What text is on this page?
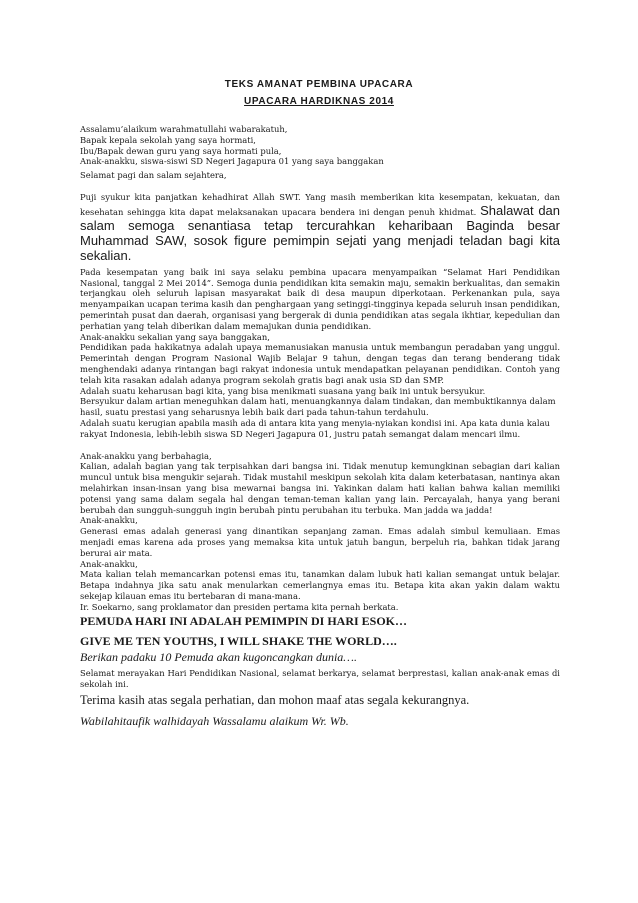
TEKS AMANAT PEMBINA UPACARA
UPACARA HARDIKNAS 2014

Assalamu’alaikum warahmatullahi wabarakatuh,

Bapak kepala sekolah yang saya hormati,

Ibu/Bapak dewan guru yang saya hormati pula,

Anak-anakku, siswa-siswi SD Negeri Jagapura 01 yang saya banggakan

Selamat pagi dan salam sejahtera,

Puji syukur kita panjatkan kehadhirat Allah SWT. Yang masih memberikan kita kesempatan, kekuatan, dan kesehatan sehingga kita dapat melaksanakan upacara bendera ini dengan penuh khidmat. Shalawat dan salam semoga senantiasa tetap tercurahkan keharibaan Baginda besar Muhammad SAW, sosok figure pemimpin sejati yang menjadi teladan bagi kita sekalian.

Pada kesempatan yang baik ini saya selaku pembina upacara menyampaikan “Selamat Hari Pendidikan Nasional, tanggal 2 Mei 2014”. Semoga dunia pendidikan kita semakin maju, semakin berkualitas, dan semakin terjangkau oleh seluruh lapisan masyarakat baik di desa maupun diperkotaan. Perkenankan pula, saya menyampaikan ucapan terima kasih dan penghargaan yang setinggi-tingginya kepada seluruh insan pendidikan, pemerintah pusat dan daerah, organisasi yang bergerak di dunia pendidikan atas segala ikhtiar, kepedulian dan perhatian yang telah diberikan dalam memajukan dunia pendidikan.

Anak-anakku sekalian yang saya banggakan,

Pendidikan pada hakikatnya adalah upaya memanusiakan manusia untuk membangun peradaban yang unggul. Pemerintah dengan Program Nasional Wajib Belajar 9 tahun, dengan tegas dan terang benderang tidak menghendaki adanya rintangan bagi rakyat indonesia untuk mendapatkan pelayanan pendidikan. Contoh yang telah kita rasakan adalah adanya program sekolah gratis bagi anak usia SD dan SMP.

Adalah suatu keharusan bagi kita, yang bisa menikmati suasana yang baik ini untuk bersyukur.

Bersyukur dalam artian meneguhkan dalam hati, menuangkannya dalam tindakan, dan membuktikannya dalam hasil, suatu prestasi yang seharusnya lebih baik dari pada tahun-tahun terdahulu.

Adalah suatu kerugian apabila masih ada di antara kita yang menyia-nyiakan kondisi ini. Apa kata dunia kalau rakyat Indonesia, lebih-lebih siswa SD Negeri Jagapura 01, justru patah semangat dalam mencari ilmu.

Anak-anakku yang berbahagia,

Kalian, adalah bagian yang tak terpisahkan dari bangsa ini. Tidak menutup kemungkinan sebagian dari kalian muncul untuk bisa mengukir sejarah. Tidak mustahil meskipun sekolah kita dalam keterbatasan, nantinya akan melahirkan insan-insan yang bisa mewarnai bangsa ini. Yakinkan dalam hati kalian bahwa kalian memiliki potensi yang sama dalam segala hal dengan teman-teman kalian yang lain. Percayalah, hanya yang berani berubah dan sungguh-sungguh ingin berubah pintu perubahan itu terbuka. Man jadda wa jadda!

Anak-anakku,

Generasi emas adalah generasi yang dinantikan sepanjang zaman. Emas adalah simbul kemuliaan. Emas menjadi emas karena ada proses yang memaksa kita untuk jatuh bangun, berpeluh ria, bahkan tidak jarang berurai air mata.

Anak-anakku,

Mata kalian telah memancarkan potensi emas itu, tanamkan dalam lubuk hati kalian semangat untuk belajar. Betapa indahnya jika satu anak menularkan cemerlangnya emas itu. Betapa kita akan yakin dalam waktu sekejap kilauan emas itu bertebaran di mana-mana.

Ir. Soekarno, sang proklamator dan presiden pertama kita pernah berkata.

PEMUDA HARI INI ADALAH PEMIMPIN DI HARI ESOK…

GIVE ME TEN YOUTHS, I WILL SHAKE THE WORLD….

Berikan padaku 10 Pemuda akan kugoncangkan dunia….

Selamat merayakan Hari Pendidikan Nasional, selamat berkarya, selamat berprestasi, kalian anak-anak emas di sekolah ini.

Terima kasih atas segala perhatian, dan mohon maaf atas segala kekurangnya.

Wabilahitaufik walhidayah Wassalamu alaikum Wr. Wb.
